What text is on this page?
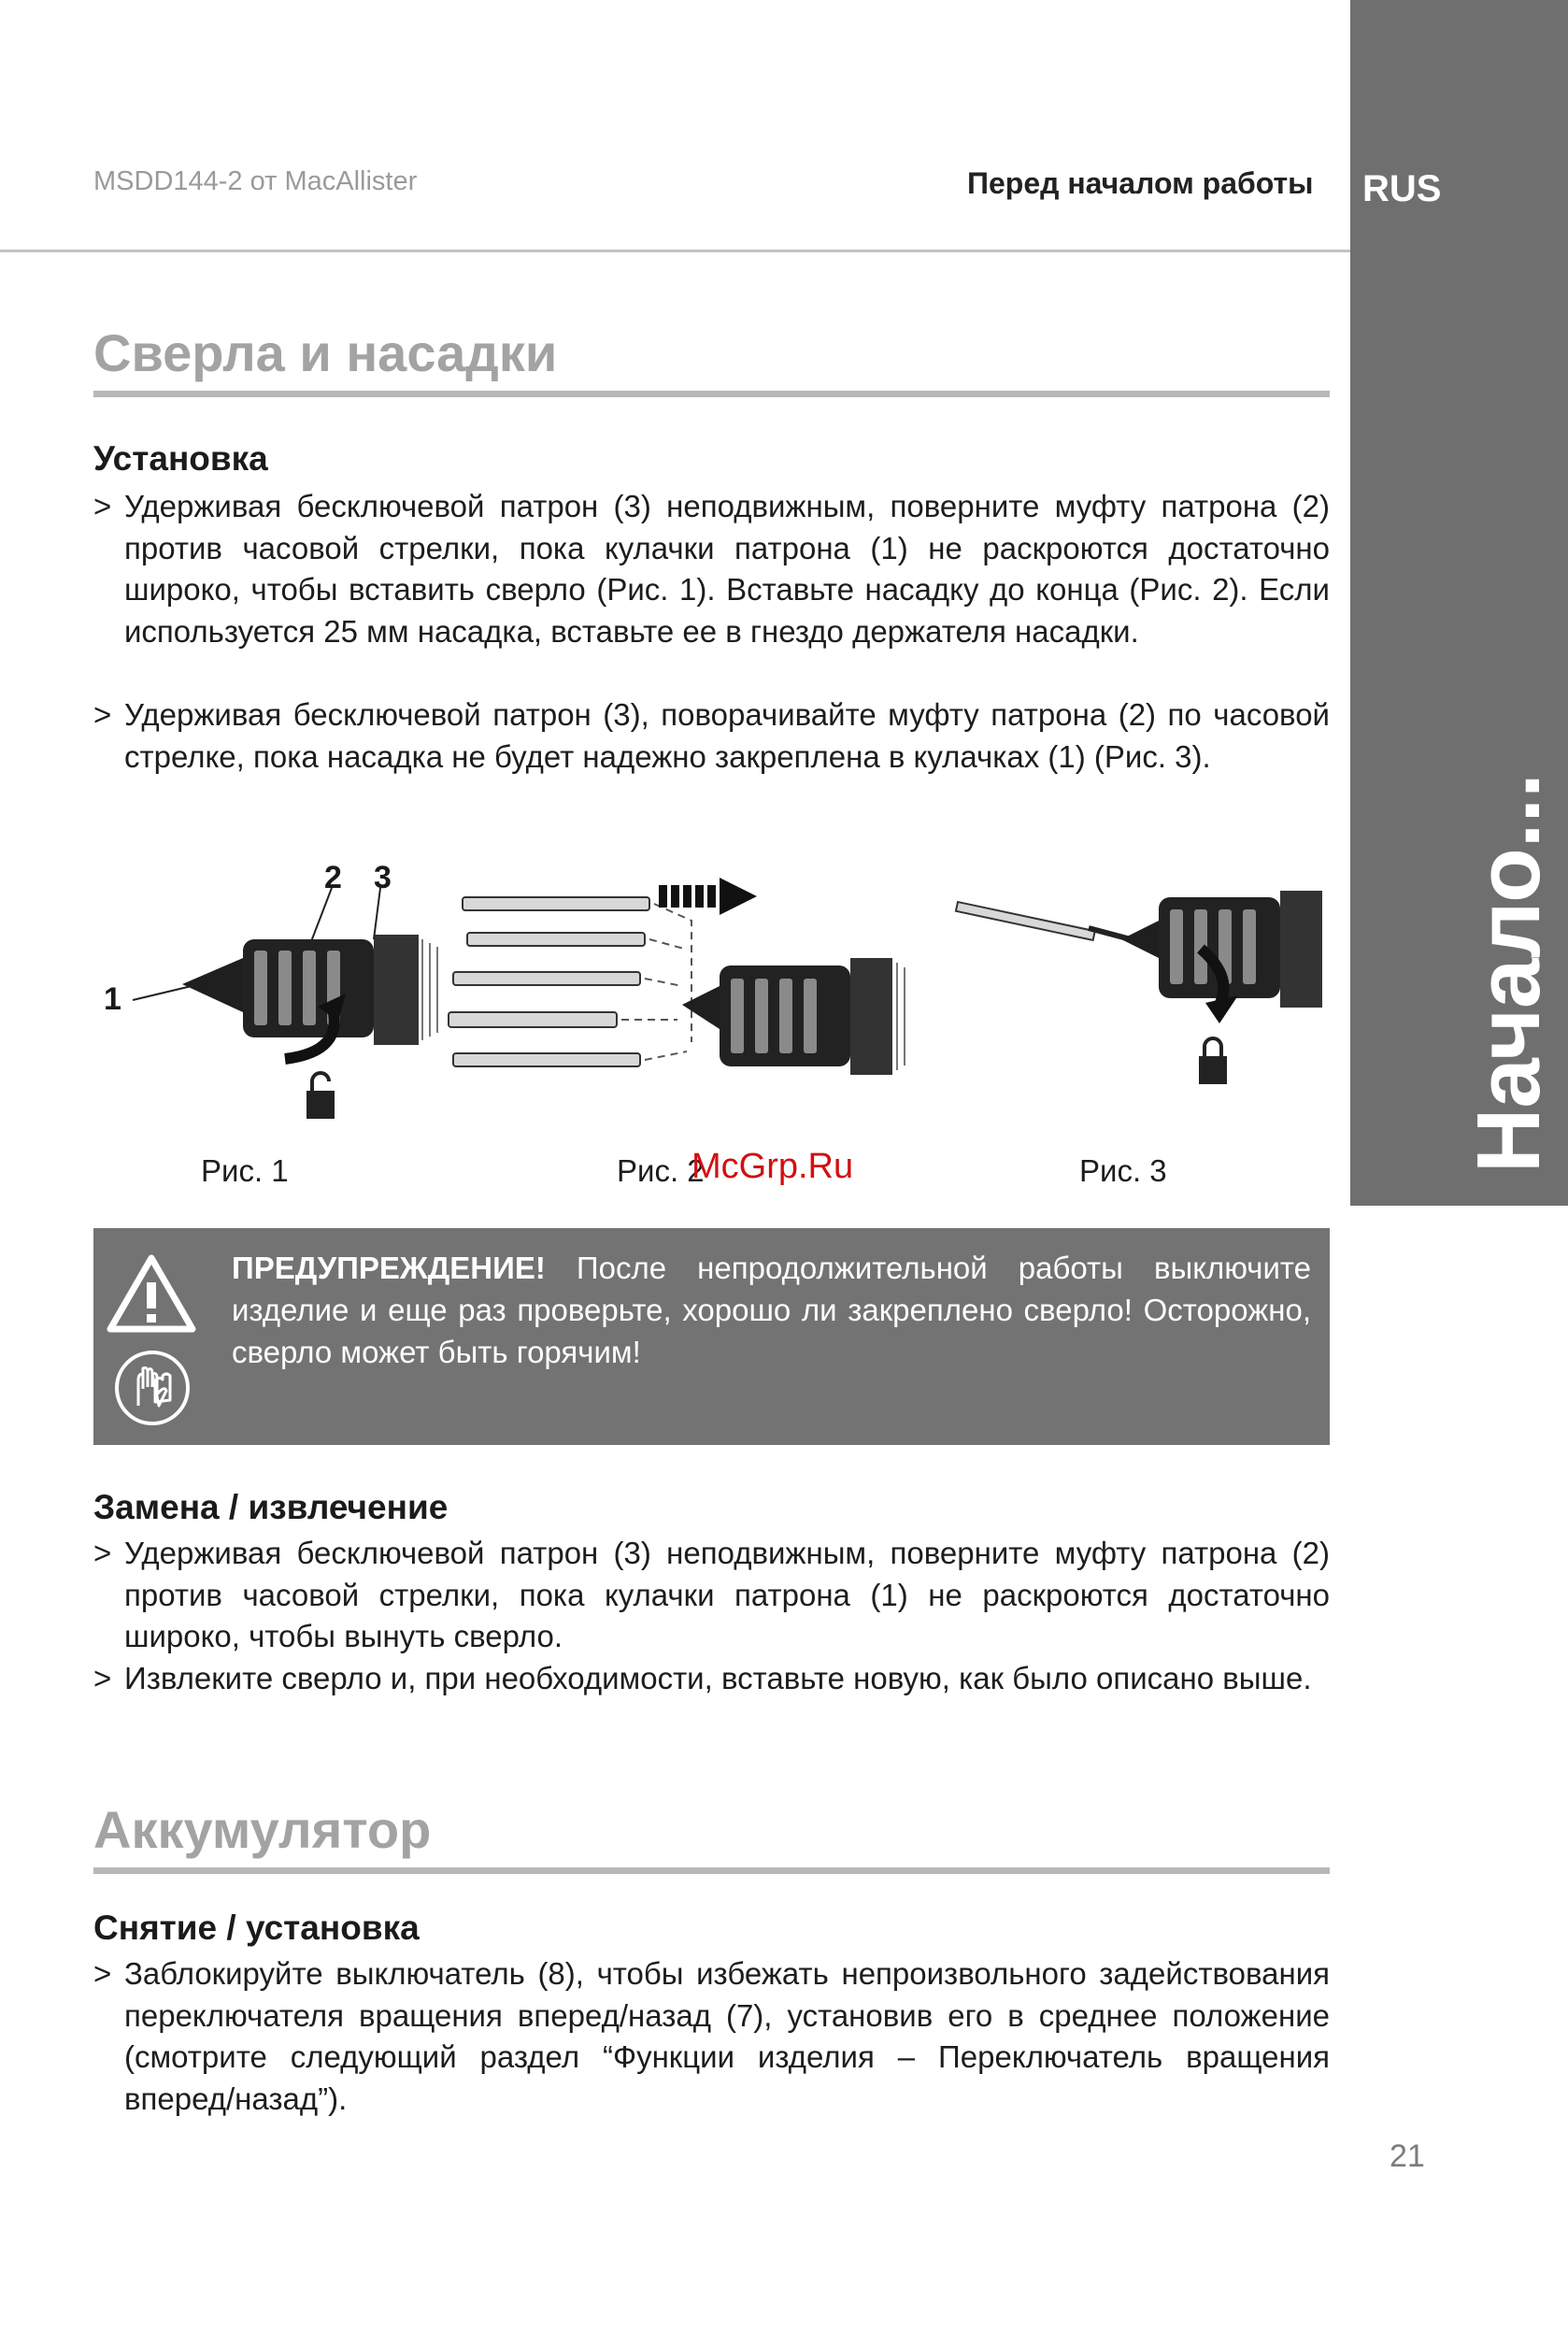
MSDD144-2 от MacAllister	Перед началом работы RUS
Начало...
Сверла и насадки
Установка
> Удерживая бесключевой патрон (3) неподвижным, поверните муфту патрона (2) против часовой стрелки, пока кулачки патрона (1) не раскроются достаточно широко, чтобы вставить сверло (Рис. 1). Вставьте насадку до конца (Рис. 2). Если используется 25 мм насадка, вставьте ее в гнездо держателя насадки.
> Удерживая бесключевой патрон (3), поворачивайте муфту патрона (2) по часовой стрелке, пока насадка не будет надежно закреплена в кулачках (1) (Рис. 3).
1
2 3
Рис. 1	Рис. 2	Рис. 3
McGrp.Ru
ПРЕДУПРЕЖДЕНИЕ! После непродолжительной работы выключите изделие и еще раз проверьте, хорошо ли закреплено сверло! Осторожно, сверло может быть горячим!
Замена / извлечение
> Удерживая бесключевой патрон (3) неподвижным, поверните муфту патрона (2) против часовой стрелки, пока кулачки патрона (1) не раскроются достаточно широко, чтобы вынуть сверло.
> Извлеките сверло и, при необходимости, вставьте новую, как было описано выше.
Аккумулятор
Снятие / установка
> Заблокируйте выключатель (8), чтобы избежать непроизвольного задействования переключателя вращения вперед/назад (7), установив его в среднее положение (смотрите следующий раздел “Функции изделия – Переключатель вращения вперед/назад”).
21
